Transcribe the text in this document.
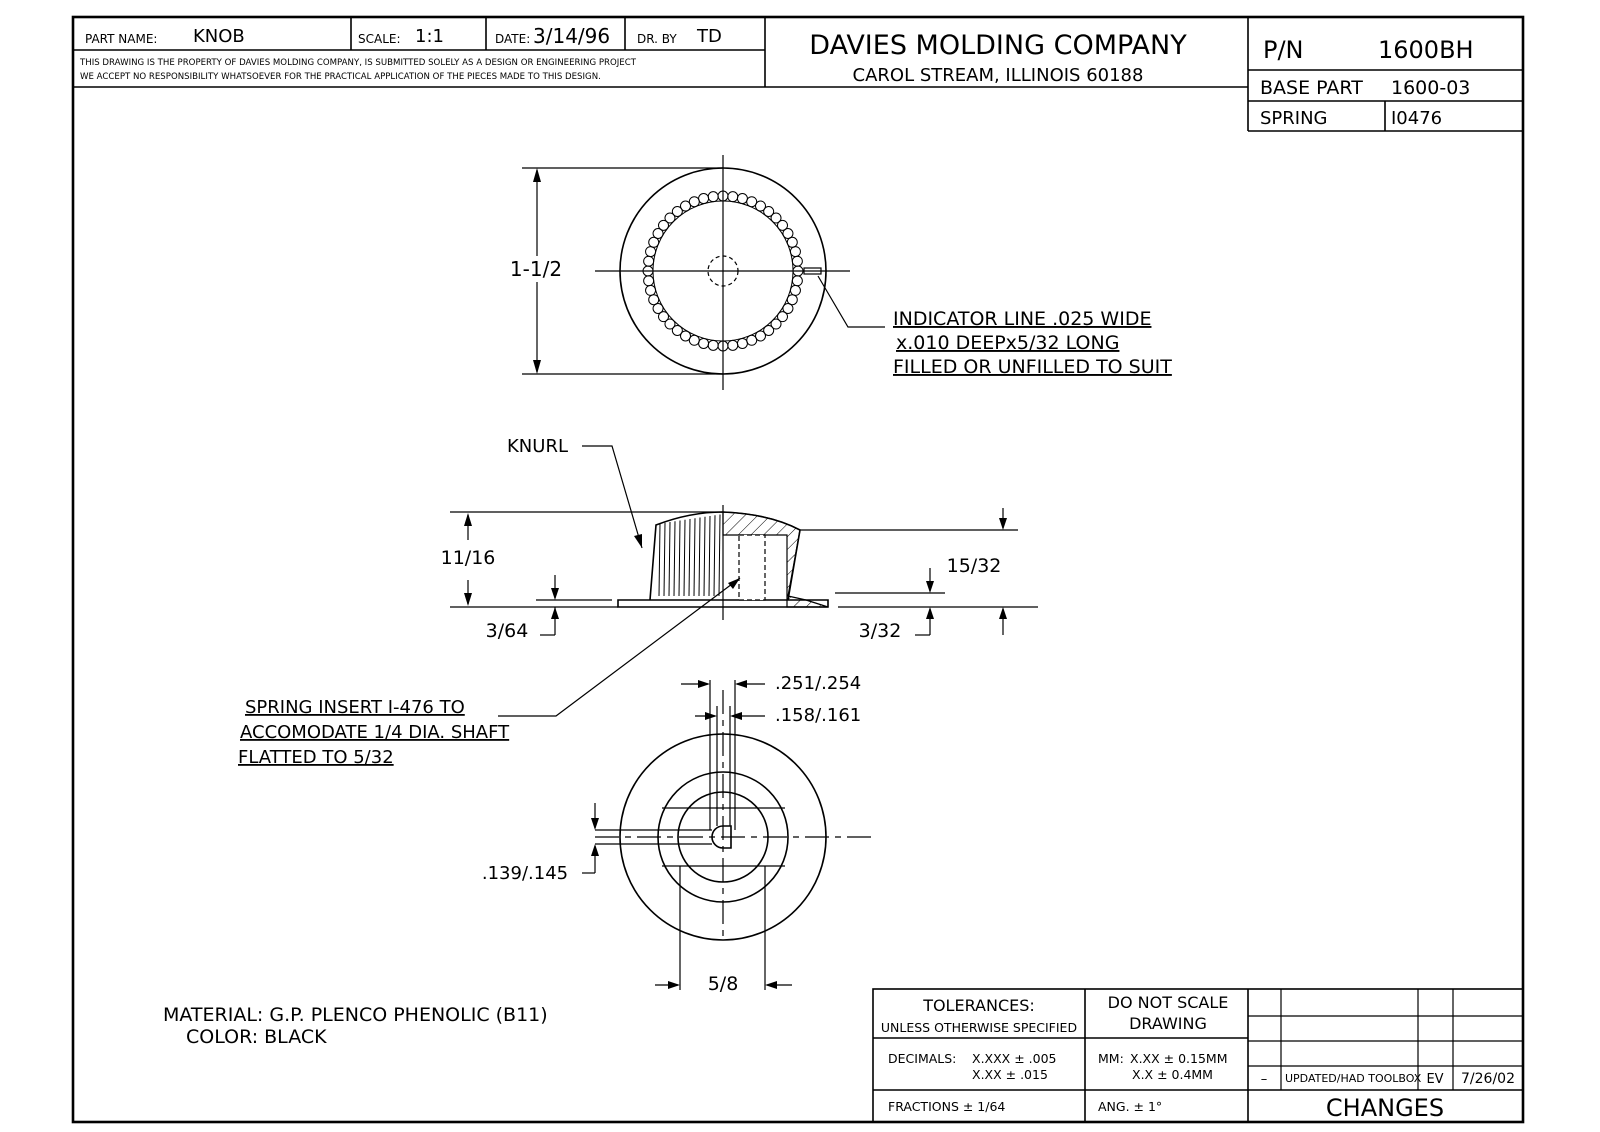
PART NAME: KNOB	SCALE: 1:1	DATE: 3/14/96 DR. BY TD
THIS DRAWING IS THE PROPERTY OF DAVIES MOLDING COMPANY, IS SUBMITTED SOLELY AS A DESIGN OR ENGINEERING PROJECT
WE ACCEPT NO RESPONSIBILITY WHATSOEVER FOR THE PRACTICAL APPLICATION OF THE PIECES MADE TO THIS DESIGN.
DAVIES MOLDING COMPANY
CAROL STREAM, ILLINOIS 60188
P/N	1600BH
BASE PART 1600-03
SPRING	I0476
1-1/2
INDICATOR LINE .025 WIDE
x.010 DEEPx5/32 LONG
FILLED OR UNFILLED TO SUIT
KNURL
11/16
3/64
15/32
3/32
.251/.254
.158/.161
.139/.145
5/8
SPRING INSERT I-476 TO
ACCOMODATE 1/4 DIA. SHAFT
FLATTED TO 5/32
MATERIAL: G.P. PLENCO PHENOLIC (B11)
COLOR: BLACK
TOLERANCES:
UNLESS OTHERWISE SPECIFIED
DO NOT SCALE
DRAWING
DECIMALS: X.XXX ± .005
X.XX ± .015
MM: X.XX ± 0.15MM
X.X ± 0.4MM
FRACTIONS ± 1/64	ANG. ± 1°
– UPDATED/HAD TOOLBOX EV 7/26/02
CHANGES
